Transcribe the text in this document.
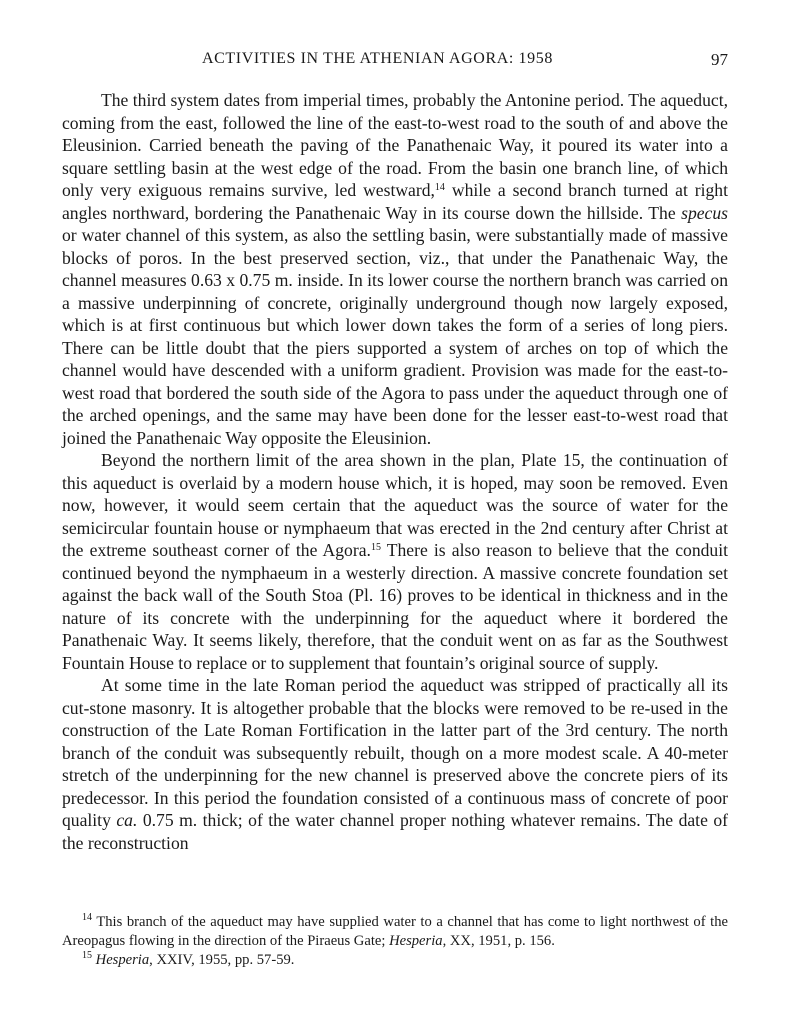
ACTIVITIES IN THE ATHENIAN AGORA: 1958	97

The third system dates from imperial times, probably the Antonine period. The aqueduct, coming from the east, followed the line of the east-to-west road to the south of and above the Eleusinion. Carried beneath the paving of the Panathenaic Way, it poured its water into a square settling basin at the west edge of the road. From the basin one branch line, of which only very exiguous remains survive, led westward,$^{14}$ while a second branch turned at right angles northward, bordering the Panathenaic Way in its course down the hillside. The specus or water channel of this system, as also the settling basin, were substantially made of massive blocks of poros. In the best preserved section, viz., that under the Panathenaic Way, the channel measures 0.63 x 0.75 m. inside. In its lower course the northern branch was carried on a massive underpinning of concrete, originally underground though now largely exposed, which is at first continuous but which lower down takes the form of a series of long piers. There can be little doubt that the piers supported a system of arches on top of which the channel would have descended with a uniform gradient. Provision was made for the east-to-west road that bordered the south side of the Agora to pass under the aqueduct through one of the arched openings, and the same may have been done for the lesser east-to-west road that joined the Panathenaic Way opposite the Eleusinion.

Beyond the northern limit of the area shown in the plan, Plate 15, the continuation of this aqueduct is overlaid by a modern house which, it is hoped, may soon be removed. Even now, however, it would seem certain that the aqueduct was the source of water for the semicircular fountain house or nymphaeum that was erected in the 2nd century after Christ at the extreme southeast corner of the Agora.$^{15}$ There is also reason to believe that the conduit continued beyond the nymphaeum in a westerly direction. A massive concrete foundation set against the back wall of the South Stoa (Pl. 16) proves to be identical in thickness and in the nature of its concrete with the underpinning for the aqueduct where it bordered the Panathenaic Way. It seems likely, therefore, that the conduit went on as far as the Southwest Fountain House to replace or to supplement that fountain’s original source of supply.

At some time in the late Roman period the aqueduct was stripped of practically all its cut-stone masonry. It is altogether probable that the blocks were removed to be re-used in the construction of the Late Roman Fortification in the latter part of the 3rd century. The north branch of the conduit was subsequently rebuilt, though on a more modest scale. A 40-meter stretch of the underpinning for the new channel is preserved above the concrete piers of its predecessor. In this period the foundation consisted of a continuous mass of concrete of poor quality ca. 0.75 m. thick; of the water channel proper nothing whatever remains. The date of the reconstruction

$^{14}$ This branch of the aqueduct may have supplied water to a channel that has come to light northwest of the Areopagus flowing in the direction of the Piraeus Gate; Hesperia, XX, 1951, p. 156.

$^{15}$ Hesperia, XXIV, 1955, pp. 57-59.
